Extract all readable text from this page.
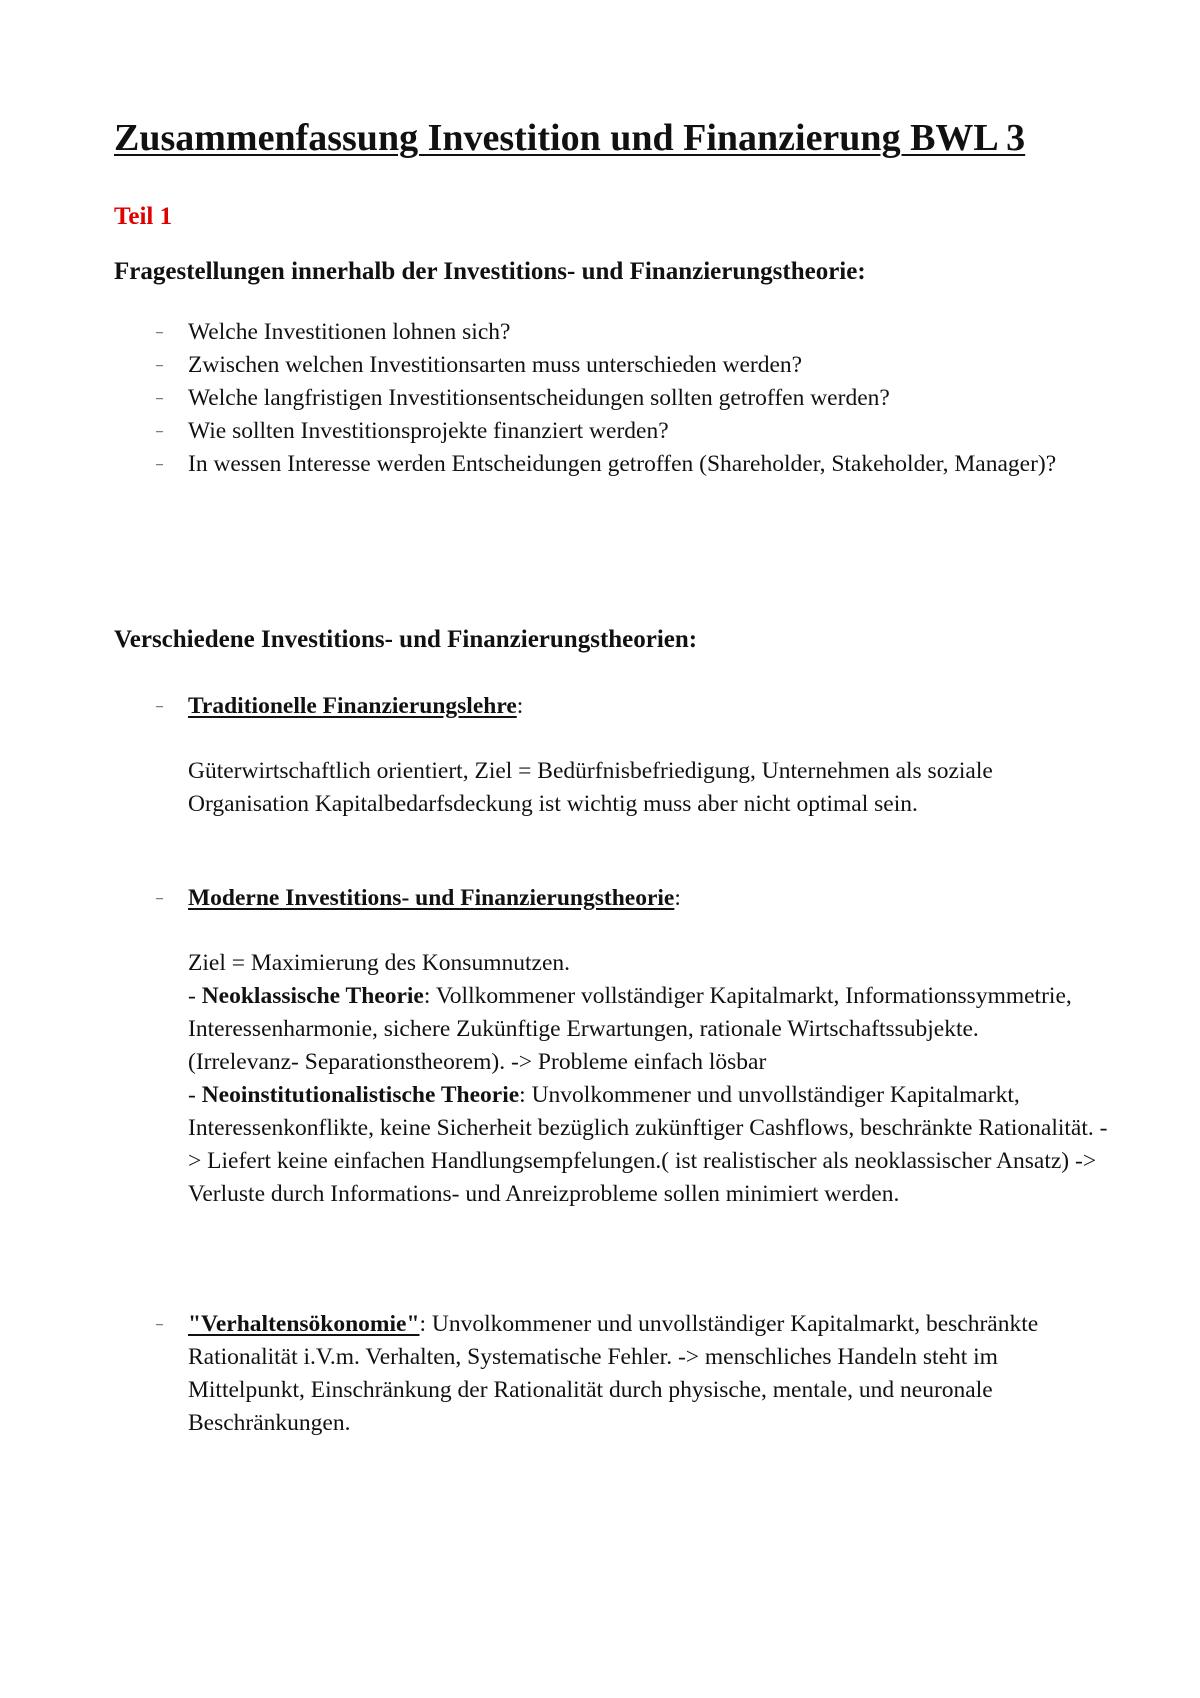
Zusammenfassung Investition und Finanzierung BWL 3
Teil 1
Fragestellungen innerhalb der Investitions- und Finanzierungstheorie:
– Welche Investitionen lohnen sich?
– Zwischen welchen Investitionsarten muss unterschieden werden?
– Welche langfristigen Investitionsentscheidungen sollten getroffen werden?
– Wie sollten Investitionsprojekte finanziert werden?
– In wessen Interesse werden Entscheidungen getroffen (Shareholder, Stakeholder, Manager)?
Verschiedene Investitions- und Finanzierungstheorien:
– Traditionelle Finanzierungslehre:
Güterwirtschaftlich orientiert, Ziel = Bedürfnisbefriedigung, Unternehmen als soziale Organisation Kapitalbedarfsdeckung ist wichtig muss aber nicht optimal sein.
– Moderne Investitions- und Finanzierungstheorie:
Ziel = Maximierung des Konsumnutzen.
- Neoklassische Theorie: Vollkommener vollständiger Kapitalmarkt, Informationssymmetrie, Interessenharmonie, sichere Zukünftige Erwartungen, rationale Wirtschaftssubjekte. (Irrelevanz- Separationstheorem). -> Probleme einfach lösbar
- Neoinstitutionalistische Theorie: Unvolkommener und unvollständiger Kapitalmarkt, Interessenkonflikte, keine Sicherheit bezüglich zukünftiger Cashflows, beschränkte Rationalität. -> Liefert keine einfachen Handlungsempfelungen.( ist realistischer als neoklassischer Ansatz) -> Verluste durch Informations- und Anreizprobleme sollen minimiert werden.
– "Verhaltensökonomie": Unvolkommener und unvollständiger Kapitalmarkt, beschränkte Rationalität i.V.m. Verhalten, Systematische Fehler. -> menschliches Handeln steht im Mittelpunkt, Einschränkung der Rationalität durch physische, mentale, und neuronale Beschränkungen.
